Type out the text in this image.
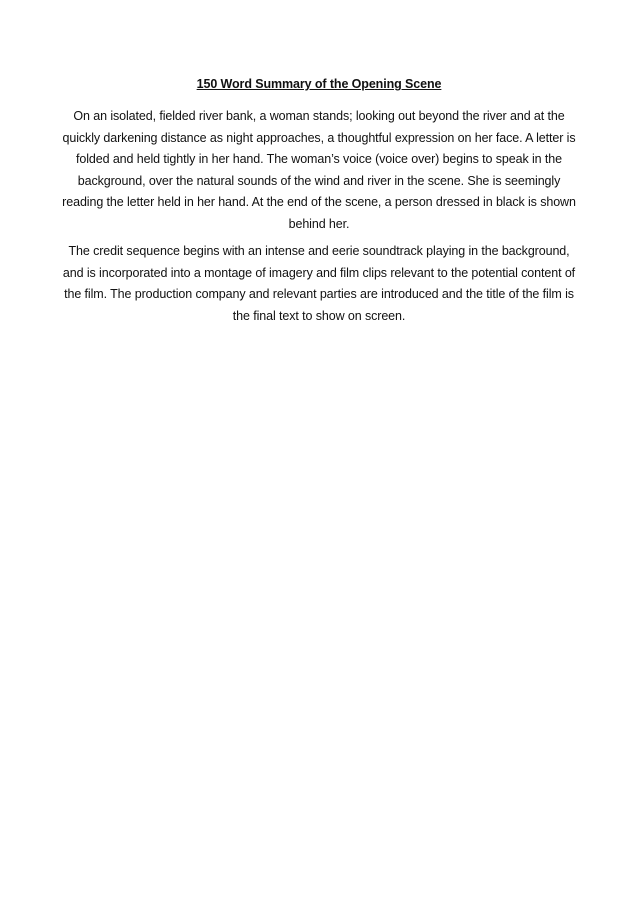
150 Word Summary of the Opening Scene

On an isolated, fielded river bank, a woman stands; looking out beyond the river and at the quickly darkening distance as night approaches, a thoughtful expression on her face. A letter is folded and held tightly in her hand. The woman’s voice (voice over) begins to speak in the background, over the natural sounds of the wind and river in the scene. She is seemingly reading the letter held in her hand. At the end of the scene, a person dressed in black is shown behind her.

The credit sequence begins with an intense and eerie soundtrack playing in the background, and is incorporated into a montage of imagery and film clips relevant to the potential content of the film. The production company and relevant parties are introduced and the title of the film is the final text to show on screen.
